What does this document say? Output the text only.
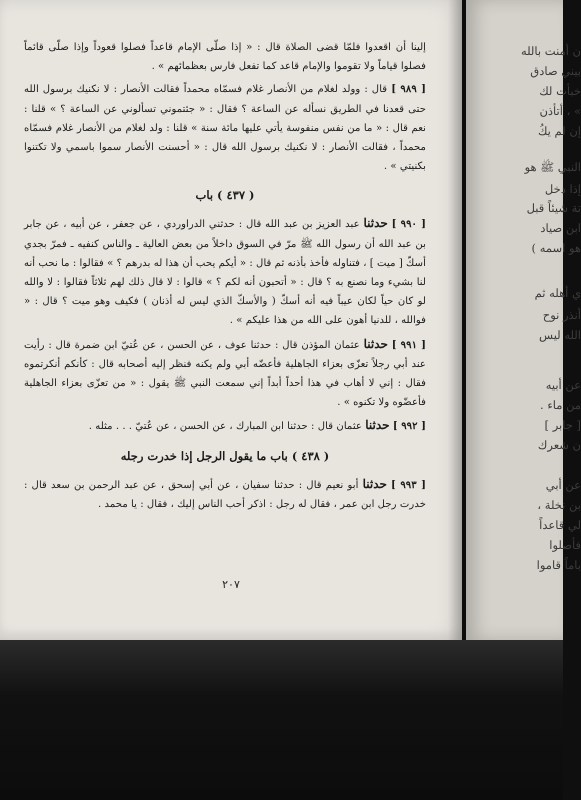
إلينا أن اقعدوا فلمّا قضى الصلاة قال : « إذا صلّى الإمام قاعداً فصلوا قعوداً وإذا صلّى قائماً فصلوا قياماً ولا تقوموا والإمام قاعد كما تفعل فارس بعظمائهم » .

[ ٩٨٩ ] قال : وولد لغلام من الأنصار غلام فسمّاه محمداً فقالت الأنصار : لا نكنيك برسول الله حتى قعدنا في الطريق نسأله عن الساعة ؟ فقال : « جئتموني تسألوني عن الساعة ؟ » قلنا : نعم قال : « ما من نفس منفوسة يأتي عليها مائة سنة » قلنا : ولد لغلام من الأنصار غلام فسمّاه محمداً ، فقالت الأنصار : لا نكنيك برسول الله قال : « أحسنت الأنصار سموا باسمي ولا تكتنوا بكنيتي » .

( ٤٣٧ ) باب

[ ٩٩٠ ] حدثنا عبد العزيز بن عبد الله قال : حدثني الدراوردي ، عن جعفر ، عن أبيه ، عن جابر بن عبد الله أن رسول الله ﷺ مرّ في السوق داخلاً من بعض العالية ـ والناس كنفيه ـ فمرّ بجدي أسكّ [ ميت ] ، فتناوله فأخذ بأذنه ثم قال : « أيكم يحب أن هذا له بدرهم ؟ » فقالوا : ما نحب أنه لنا بشيء وما نصنع به ؟ قال : « أتحبون أنه لكم ؟ » قالوا : لا قال ذلك لهم ثلاثاً فقالوا : لا والله لو كان حياً لكان عيباً فيه أنه أسكّ ( والأسكّ الذي ليس له أذنان ) فكيف وهو ميت ؟ قال : « فوالله ، للدنيا أهون على الله من هذا عليكم » .

[ ٩٩١ ] حدثنا عثمان المؤذن قال : حدثنا عوف ، عن الحسن ، عن عُتيّ ابن ضمرة قال : رأيت عند أبي رجلاً تعزّى بعزاء الجاهلية فأعضّه أبي ولم يكنه فنظر إليه أصحابه قال : كأنكم أنكرتموه فقال : إني لا أهاب في هذا أحداً أبداً إني سمعت النبي ﷺ يقول : « من تعزّى بعزاء الجاهلية فأعضّوه ولا تكنوه » .

[ ٩٩٢ ] حدثنا عثمان قال : حدثنا ابن المبارك ، عن الحسن ، عن عُتيّ . . . مثله .

( ٤٣٨ ) باب ما يقول الرجل إذا خدرت رجله

[ ٩٩٣ ] حدثنا أبو نعيم قال : حدثنا سفيان ، عن أبي إسحق ، عن عبد الرحمن بن سعد قال : خدرت رجل ابن عمر ، فقال له رجل : اذكر أحب الناس إليك ، فقال : يا محمد .

٢٠٧
ن أمنت بالله
بيني صادق
خبأت لك
» ، أتأذن
إن لم يكُ
النبي ﷺ هو
إذا دخل
تة شيئاً قبل
ابن صياد
هو اسمه )
ي أهله ثم
أنذر نوح
الله ليس
عن أبيه
من ماء .
[ جابر ]
ن شعرك
عن أبي
بن نخلة ،
لي قاعداً
فأصلوا
باماً قاموا
